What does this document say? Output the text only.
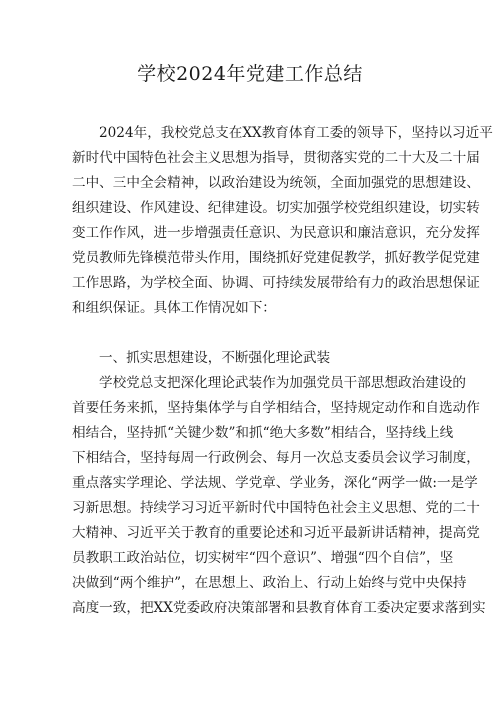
学校2024年党建工作总结
2024年，我校党总支在XX教育体育工委的领导下，坚持以习近平
新时代中国特色社会主义思想为指导，贯彻落实党的二十大及二十届
二中、三中全会精神，以政治建设为统领，全面加强党的思想建设、
组织建设、作风建设、纪律建设。切实加强学校党组织建设，切实转
变工作作风，进一步增强责任意识、为民意识和廉洁意识，充分发挥
党员教师先锋模范带头作用，围绕抓好党建促教学，抓好教学促党建
工作思路，为学校全面、协调、可持续发展带给有力的政治思想保证
和组织保证。具体工作情况如下：
一、抓实思想建设，不断强化理论武装
学校党总支把深化理论武装作为加强党员干部思想政治建设的
首要任务来抓，坚持集体学与自学相结合，坚持规定动作和自选动作
相结合，坚持抓“关键少数”和抓“绝大多数”相结合，坚持线上线
下相结合，坚持每周一行政例会、每月一次总支委员会议学习制度，
重点落实学理论、学法规、学党章、学业务，深化“两学一做:一是学
习新思想。持续学习习近平新时代中国特色社会主义思想、党的二十
大精神、习近平关于教育的重要论述和习近平最新讲话精神，提高党
员教职工政治站位，切实树牢“四个意识”、增强“四个自信”，坚
决做到“两个维护”，在思想上、政治上、行动上始终与党中央保持
高度一致，把XX党委政府决策部署和县教育体育工委决定要求落到实
